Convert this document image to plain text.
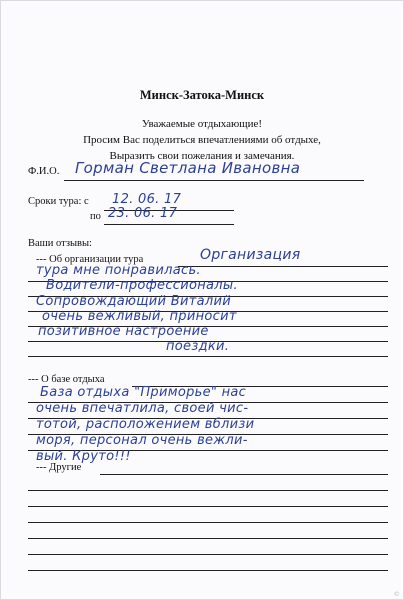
Минск-Затока-Минск
Уважаемые отдыхающие!
Просим Вас поделиться впечатлениями об отдыхе,
Выразить свои пожелания и замечания.
Ф.И.О. Горман Светлана Ивановна
Сроки тура: с 12. 06. 17
по 23. 06. 17
Ваши отзывы:
--- Об организации тура	Организация
тура мне понравилась.
Водители-профессионалы.
Сопровождающий Виталий
очень вежливый, приносит
позитивное настроение
поездки.
--- О базе отдыха
База отдыха "Приморье" нас
очень впечатлила, своей чис-
тотой, расположением вблизи
моря, персонал очень вежли-
вый. Круто!!!
--- Другие
©
